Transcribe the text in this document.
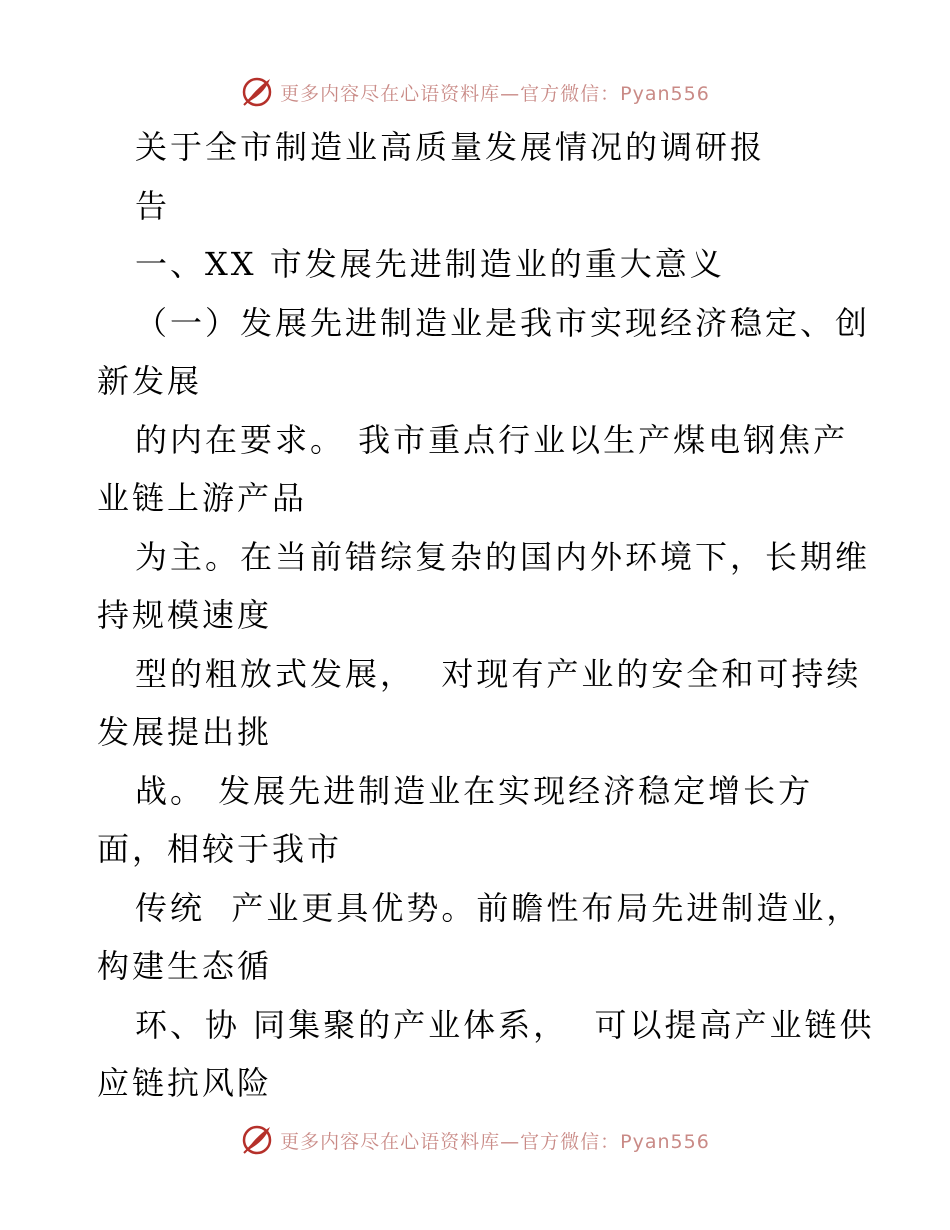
更多内容尽在心语资料库—官方微信：Pyan556
关于全市制造业高质量发展情况的调研报
告
一、XX 市发展先进制造业的重大意义
（一）发展先进制造业是我市实现经济稳定、创
新发展
的内在要求。 我市重点行业以生产煤电钢焦产
业链上游产品
为主。在当前错综复杂的国内外环境下，长期维
持规模速度
型的粗放式发展，  对现有产业的安全和可持续
发展提出挑
战。 发展先进制造业在实现经济稳定增长方
面，相较于我市
传统  产业更具优势。前瞻性布局先进制造业，
构建生态循
环、协 同集聚的产业体系，  可以提高产业链供
应链抗风险
更多内容尽在心语资料库—官方微信：Pyan556
